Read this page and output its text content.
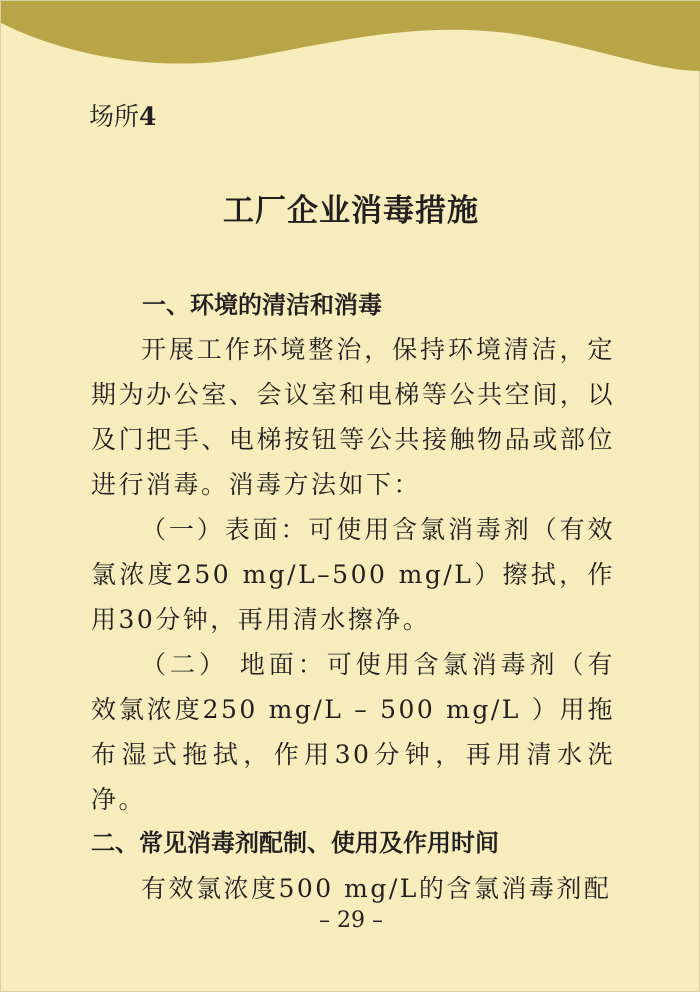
场所4
工厂企业消毒措施
一、环境的清洁和消毒

开展工作环境整治，保持环境清洁，定期为办公室、会议室和电梯等公共空间，以及门把手、电梯按钮等公共接触物品或部位进行消毒。消毒方法如下：

（一）表面：可使用含氯消毒剂（有效氯浓度250 mg/L–500 mg/L）擦拭，作用30分钟，再用清水擦净。

（二） 地面：可使用含氯消毒剂（有效氯浓度250 mg/L – 500 mg/L ）用拖布湿式拖拭，作用30分钟，再用清水洗净。

二、常见消毒剂配制、使用及作用时间

有效氯浓度500 mg/L的含氯消毒剂配

– 29 –
